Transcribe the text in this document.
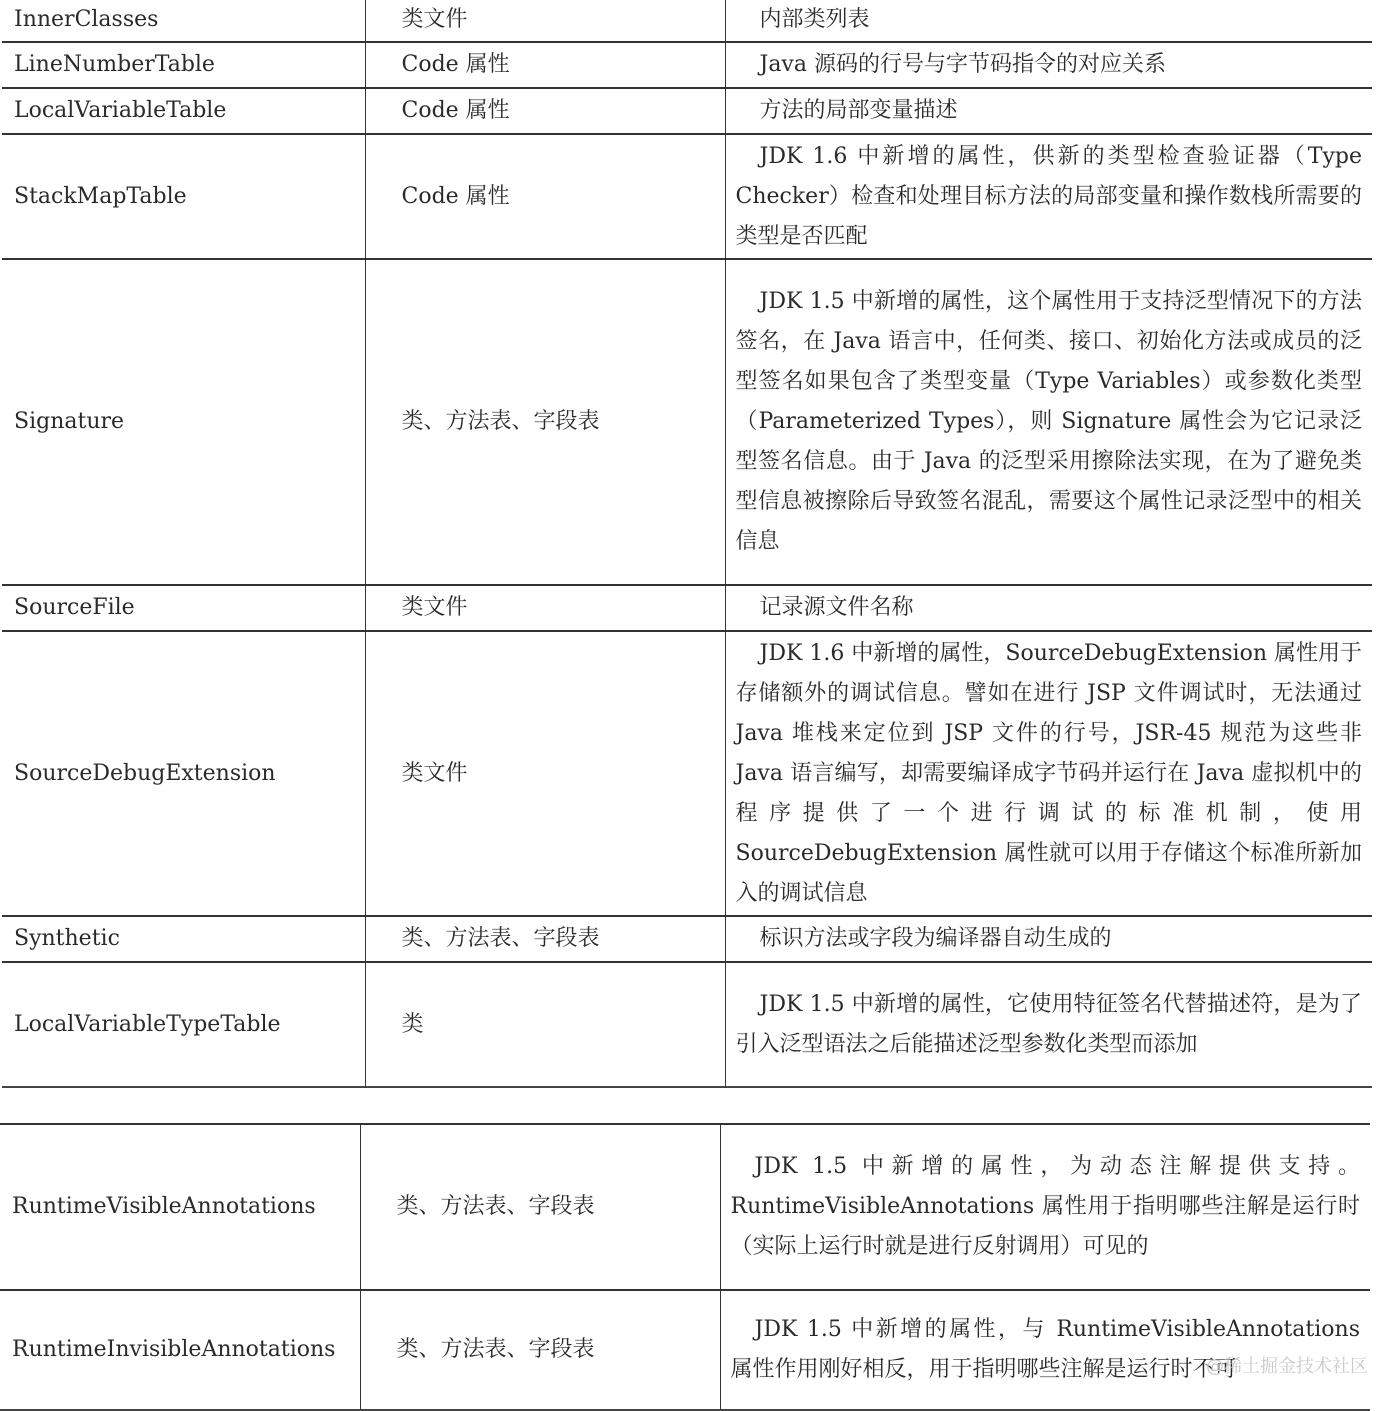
InnerClasses	类文件	内部类列表

LineNumberTable	Code 属性	Java 源码的行号与字节码指令的对应关系

LocalVariableTable	Code 属性	方法的局部变量描述

StackMapTable	Code 属性	JDK 1.6 中新增的属性，供新的类型检查验证器（Type Checker）检查和处理目标方法的局部变量和操作数栈所需要的类型是否匹配

Signature	类、方法表、字段表	JDK 1.5 中新增的属性，这个属性用于支持泛型情况下的方法签名，在 Java 语言中，任何类、接口、初始化方法或成员的泛型签名如果包含了类型变量（Type Variables）或参数化类型（Parameterized Types），则 Signature 属性会为它记录泛型签名信息。由于 Java 的泛型采用擦除法实现，在为了避免类型信息被擦除后导致签名混乱，需要这个属性记录泛型中的相关信息

SourceFile	类文件	记录源文件名称

SourceDebugExtension	类文件	JDK 1.6 中新增的属性，SourceDebugExtension 属性用于存储额外的调试信息。譬如在进行 JSP 文件调试时，无法通过 Java 堆栈来定位到 JSP 文件的行号，JSR-45 规范为这些非 Java 语言编写，却需要编译成字节码并运行在 Java 虚拟机中的程序提供了一个进行调试的标准机制，使用 SourceDebugExtension 属性就可以用于存储这个标准所新加入的调试信息

Synthetic	类、方法表、字段表	标识方法或字段为编译器自动生成的

LocalVariableTypeTable	类	JDK 1.5 中新增的属性，它使用特征签名代替描述符，是为了引入泛型语法之后能描述泛型参数化类型而添加
RuntimeVisibleAnnotations	类、方法表、字段表	JDK 1.5 中新增的属性，为动态注解提供支持。RuntimeVisibleAnnotations 属性用于指明哪些注解是运行时（实际上运行时就是进行反射调用）可见的

RuntimeInvisibleAnnotations	类、方法表、字段表	JDK 1.5 中新增的属性，与 RuntimeVisibleAnnotations 属性作用刚好相反，用于指明哪些注解是运行时不可
@稀土掘金技术社区
